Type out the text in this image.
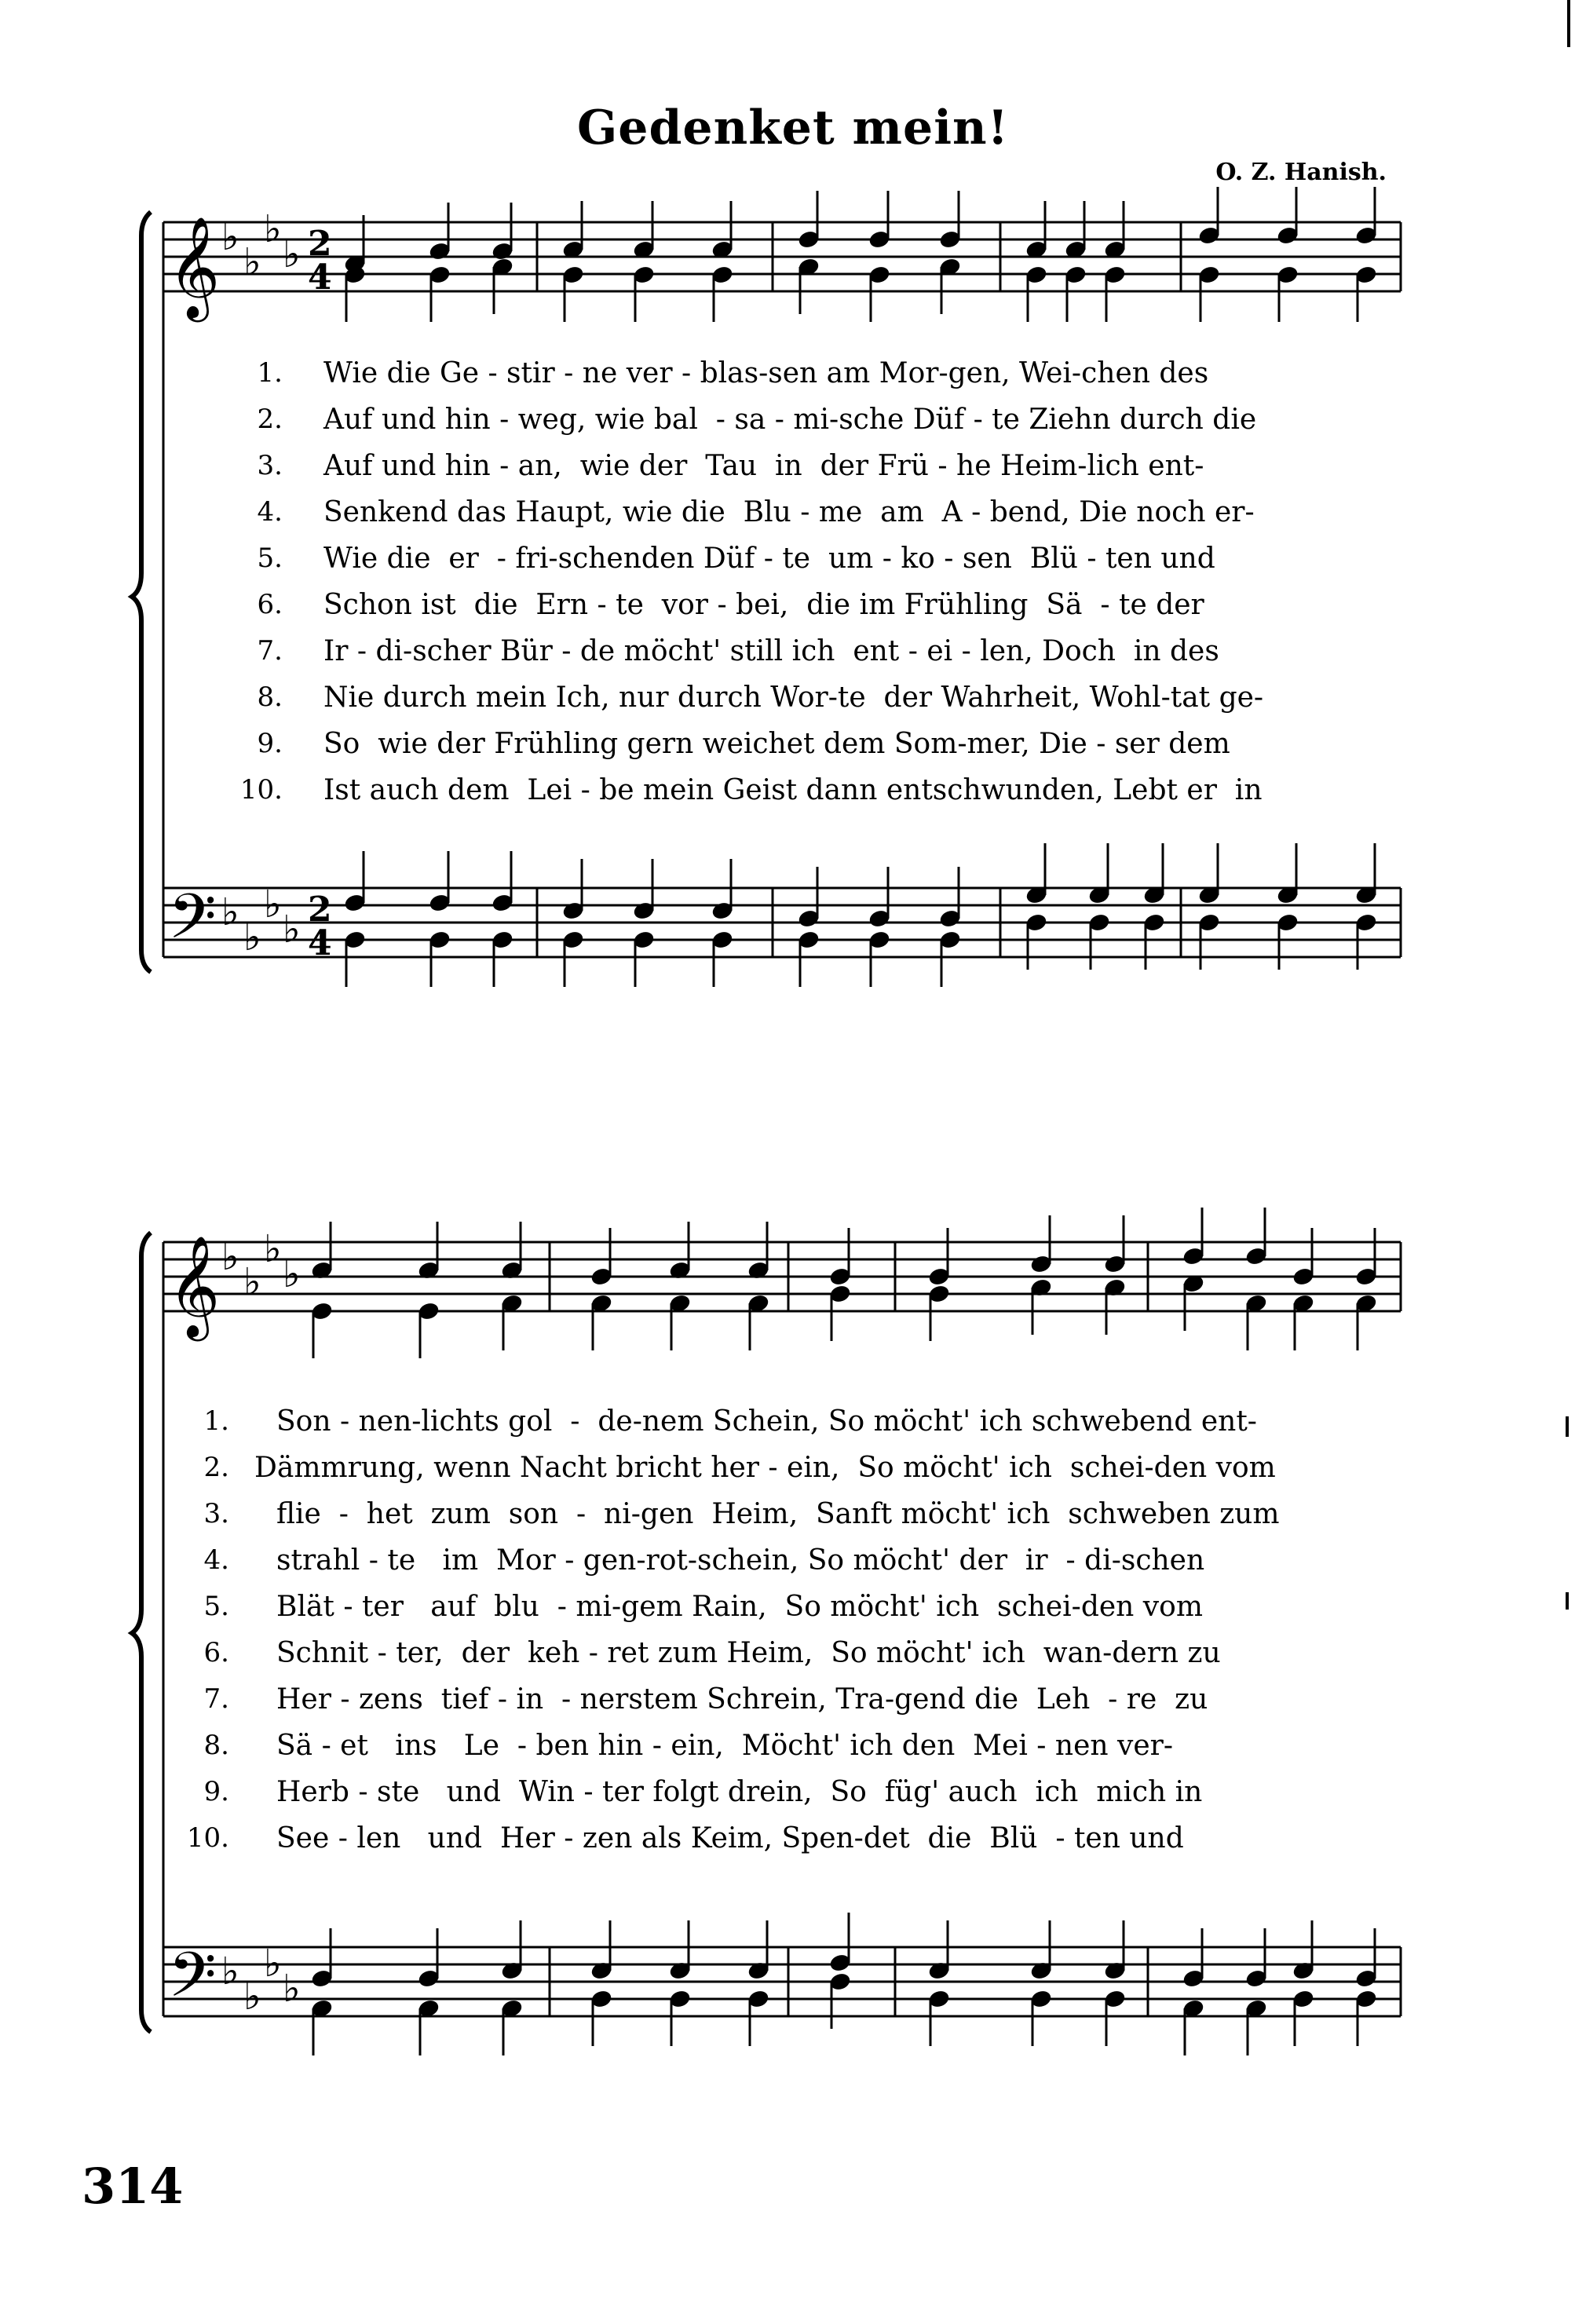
Gedenket mein!
O. Z. Hanish.
𝄞
𝄢
𝄞
𝄢
♭
♭
♭
♭
♭
♭
♭
♭
♭
♭
♭
♭
♭
♭
♭
♭
2
4
2
4
1. Wie die Ge - stir - ne ver - blas-sen am Mor-gen, Wei-chen des
2. Auf und hin - weg, wie bal  - sa - mi-sche Düf - te Ziehn durch die
3. Auf und hin - an,  wie der  Tau  in  der Frü - he Heim-lich ent-
4. Senkend das Haupt, wie die  Blu - me  am  A - bend, Die noch er-
5. Wie die  er  - fri-schenden Düf - te  um - ko - sen  Blü - ten und
6. Schon ist  die  Ern - te  vor - bei,  die im Frühling  Sä  - te der
7. Ir - di-scher Bür - de möcht' still ich  ent - ei - len, Doch  in des
8. Nie durch mein Ich, nur durch Wor-te  der Wahrheit, Wohl-tat ge-
9. So  wie der Frühling gern weichet dem Som-mer, Die - ser dem
10. Ist auch dem  Lei - be mein Geist dann entschwunden, Lebt er  in
1. Son - nen-lichts gol  -  de-nem Schein, So möcht' ich schwebend ent-
2. Dämmrung, wenn Nacht bricht her - ein,  So möcht' ich  schei-den vom
3. flie  -  het  zum  son  -  ni-gen  Heim,  Sanft möcht' ich  schweben zum
4. strahl - te   im  Mor - gen-rot-schein, So möcht' der  ir  - di-schen
5. Blät - ter   auf  blu  - mi-gem Rain,  So möcht' ich  schei-den vom
6. Schnit - ter,  der  keh - ret zum Heim,  So möcht' ich  wan-dern zu
7. Her - zens  tief - in  - nerstem Schrein, Tra-gend die  Leh  - re  zu
8. Sä - et   ins   Le  - ben hin - ein,  Möcht' ich den  Mei - nen ver-
9. Herb - ste   und  Win - ter folgt drein,  So  füg' auch  ich  mich in
10. See - len   und  Her - zen als Keim, Spen-det  die  Blü  - ten und
314
